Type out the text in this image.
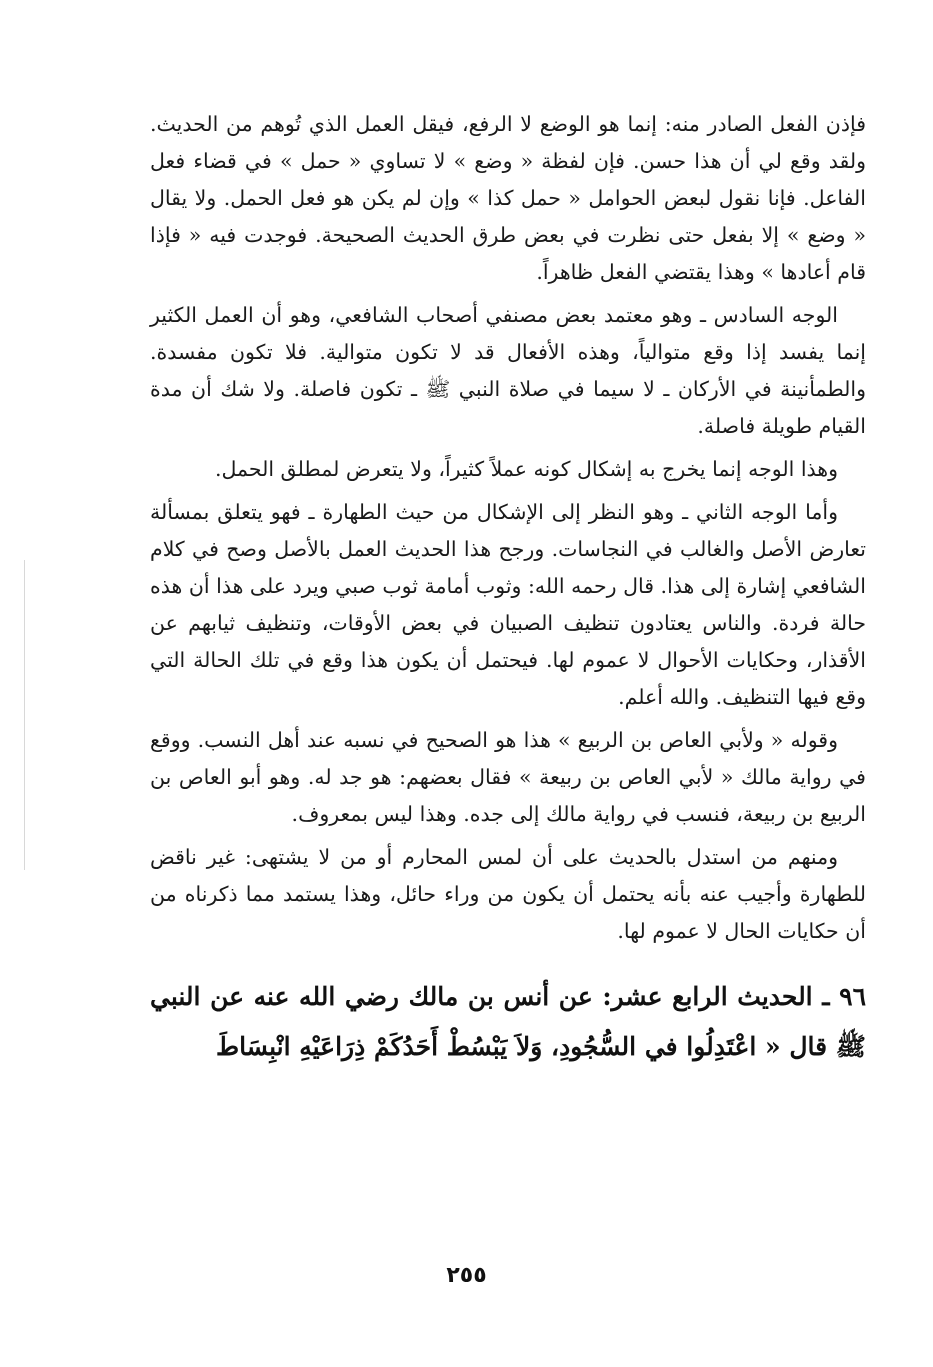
فإذن الفعل الصادر منه: إنما هو الوضع لا الرفع، فيقل العمل الذي تُوهم من الحديث. ولقد وقع لي أن هذا حسن. فإن لفظة « وضع » لا تساوي « حمل » في قضاء فعل الفاعل. فإنا نقول لبعض الحوامل « حمل كذا » وإن لم يكن هو فعل الحمل. ولا يقال « وضع » إلا بفعل حتى نظرت في بعض طرق الحديث الصحيحة. فوجدت فيه « فإذا قام أعادها » وهذا يقتضي الفعل ظاهراً.

الوجه السادس ـ وهو معتمد بعض مصنفي أصحاب الشافعي، وهو أن العمل الكثير إنما يفسد إذا وقع متوالياً، وهذه الأفعال قد لا تكون متوالية. فلا تكون مفسدة. والطمأنينة في الأركان ـ لا سيما في صلاة النبي ﷺ ـ تكون فاصلة. ولا شك أن مدة القيام طويلة فاصلة.

وهذا الوجه إنما يخرج به إشكال كونه عملاً كثيراً، ولا يتعرض لمطلق الحمل.

وأما الوجه الثاني ـ وهو النظر إلى الإشكال من حيث الطهارة ـ فهو يتعلق بمسألة تعارض الأصل والغالب في النجاسات. ورجح هذا الحديث العمل بالأصل وصح في كلام الشافعي إشارة إلى هذا. قال رحمه الله: وثوب أمامة ثوب صبي ويرد على هذا أن هذه حالة فردة. والناس يعتادون تنظيف الصبيان في بعض الأوقات، وتنظيف ثيابهم عن الأقذار، وحكايات الأحوال لا عموم لها. فيحتمل أن يكون هذا وقع في تلك الحالة التي وقع فيها التنظيف. والله أعلم.

وقوله « ولأبي العاص بن الربيع » هذا هو الصحيح في نسبه عند أهل النسب. ووقع في رواية مالك « لأبي العاص بن ربيعة » فقال بعضهم: هو جد له. وهو أبو العاص بن الربيع بن ربيعة، فنسب في رواية مالك إلى جده. وهذا ليس بمعروف.

ومنهم من استدل بالحديث على أن لمس المحارم أو من لا يشتهى: غير ناقض للطهارة وأجيب عنه بأنه يحتمل أن يكون من وراء حائل، وهذا يستمد مما ذكرناه من أن حكايات الحال لا عموم لها.

٩٦ ـ الحديث الرابع عشر: عن أنس بن مالك رضي الله عنه عن النبي ﷺ قال « اعْتَدِلُوا في السُّجُودِ، وَلاَ يَبْسُطْ أَحَدُكَمْ ذِرَاعَيْهِ انْبِسَاطَ

٢٥٥
